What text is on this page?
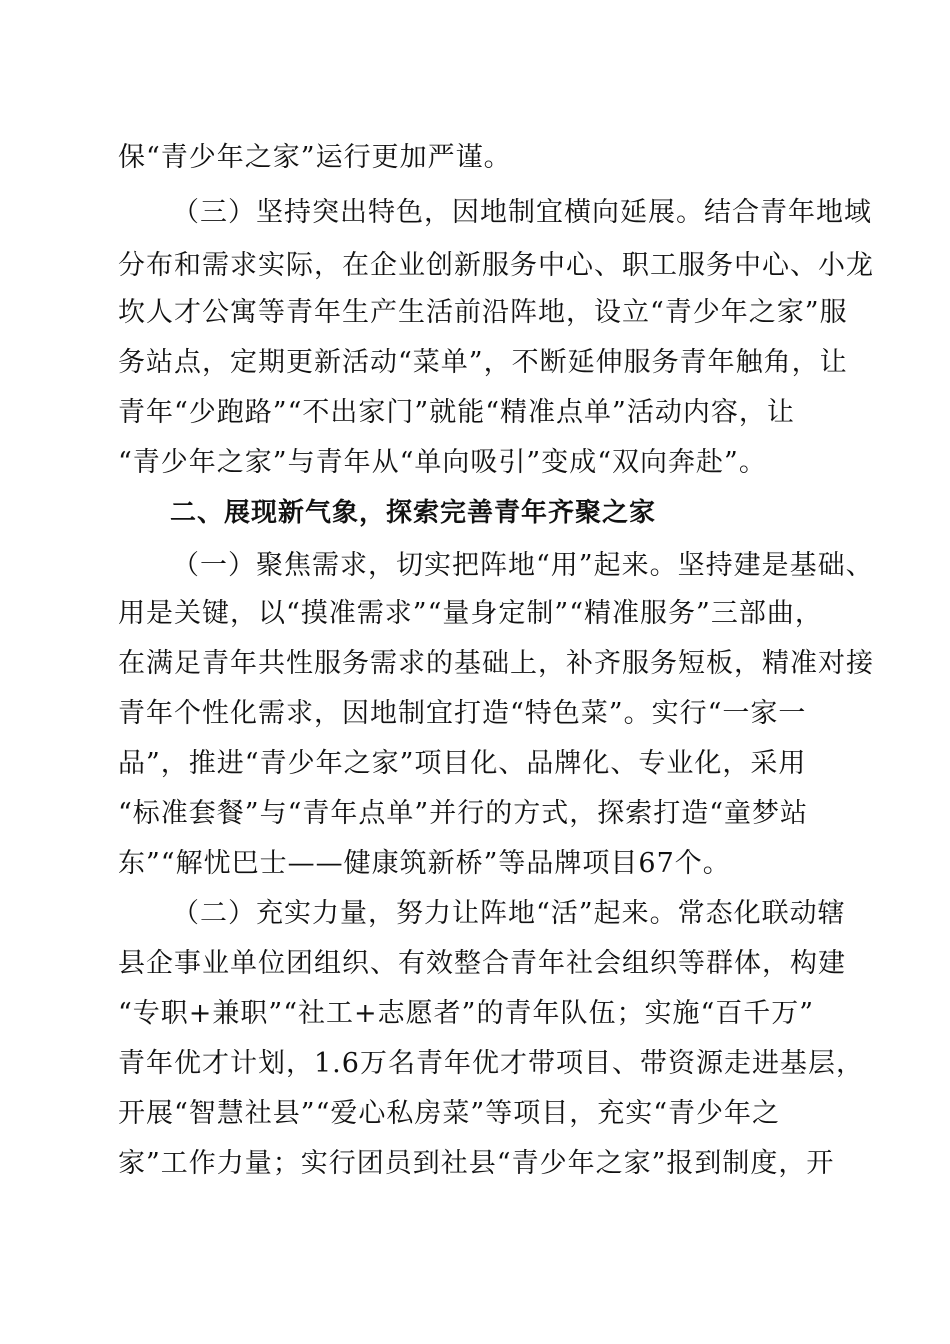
保“青少年之家”运行更加严谨。
（三）坚持突出特色，因地制宜横向延展。结合青年地域
分布和需求实际，在企业创新服务中心、职工服务中心、小龙
坎人才公寓等青年生产生活前沿阵地，设立“青少年之家”服
务站点，定期更新活动“菜单”，不断延伸服务青年触角，让
青年“少跑路”“不出家门”就能“精准点单”活动内容，让
“青少年之家”与青年从“单向吸引”变成“双向奔赴”。
二、展现新气象，探索完善青年齐聚之家
（一）聚焦需求，切实把阵地“用”起来。坚持建是基础、
用是关键，以“摸准需求”“量身定制”“精准服务”三部曲，
在满足青年共性服务需求的基础上，补齐服务短板，精准对接
青年个性化需求，因地制宜打造“特色菜”。实行“一家一
品”，推进“青少年之家”项目化、品牌化、专业化，采用
“标准套餐”与“青年点单”并行的方式，探索打造“童梦站
东”“解忧巴士——健康筑新桥”等品牌项目67个。
（二）充实力量，努力让阵地“活”起来。常态化联动辖
县企事业单位团组织、有效整合青年社会组织等群体，构建
“专职+兼职”“社工+志愿者”的青年队伍；实施“百千万”
青年优才计划，1.6万名青年优才带项目、带资源走进基层，
开展“智慧社县”“爱心私房菜”等项目，充实“青少年之
家”工作力量；实行团员到社县“青少年之家”报到制度，开
